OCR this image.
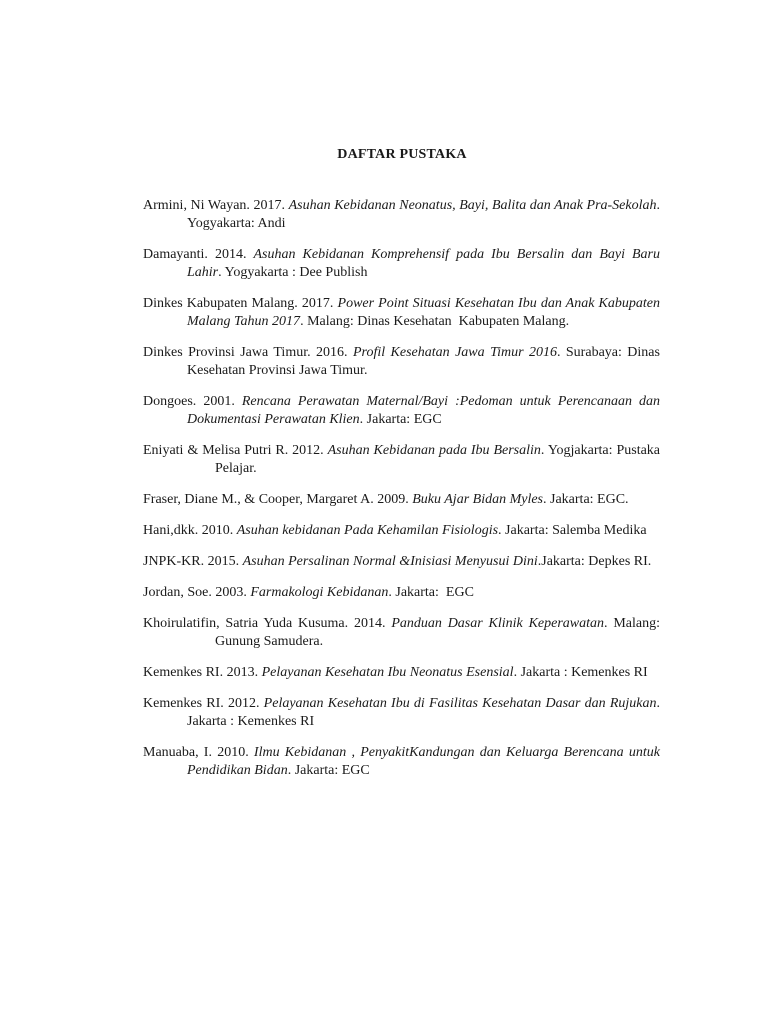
DAFTAR PUSTAKA

Armini, Ni Wayan. 2017. Asuhan Kebidanan Neonatus, Bayi, Balita dan Anak Pra-Sekolah. Yogyakarta: Andi

Damayanti. 2014. Asuhan Kebidanan Komprehensif pada Ibu Bersalin dan Bayi Baru Lahir. Yogyakarta : Dee Publish

Dinkes Kabupaten Malang. 2017. Power Point Situasi Kesehatan Ibu dan Anak Kabupaten Malang Tahun 2017. Malang: Dinas Kesehatan  Kabupaten Malang.

Dinkes Provinsi Jawa Timur. 2016. Profil Kesehatan Jawa Timur 2016. Surabaya: Dinas Kesehatan Provinsi Jawa Timur.

Dongoes. 2001. Rencana Perawatan Maternal/Bayi :Pedoman untuk Perencanaan dan Dokumentasi Perawatan Klien. Jakarta: EGC

Eniyati & Melisa Putri R. 2012. Asuhan Kebidanan pada Ibu Bersalin. Yogjakarta: Pustaka Pelajar.

Fraser, Diane M., & Cooper, Margaret A. 2009. Buku Ajar Bidan Myles. Jakarta: EGC.

Hani,dkk. 2010. Asuhan kebidanan Pada Kehamilan Fisiologis. Jakarta: Salemba Medika

JNPK-KR. 2015. Asuhan Persalinan Normal &Inisiasi Menyusui Dini.Jakarta: Depkes RI.

Jordan, Soe. 2003. Farmakologi Kebidanan. Jakarta:  EGC

Khoirulatifin, Satria Yuda Kusuma. 2014. Panduan Dasar Klinik Keperawatan. Malang: Gunung Samudera.

Kemenkes RI. 2013. Pelayanan Kesehatan Ibu Neonatus Esensial. Jakarta : Kemenkes RI

Kemenkes RI. 2012. Pelayanan Kesehatan Ibu di Fasilitas Kesehatan Dasar dan Rujukan. Jakarta : Kemenkes RI

Manuaba, I. 2010. Ilmu Kebidanan , PenyakitKandungan dan Keluarga Berencana untuk Pendidikan Bidan. Jakarta: EGC
